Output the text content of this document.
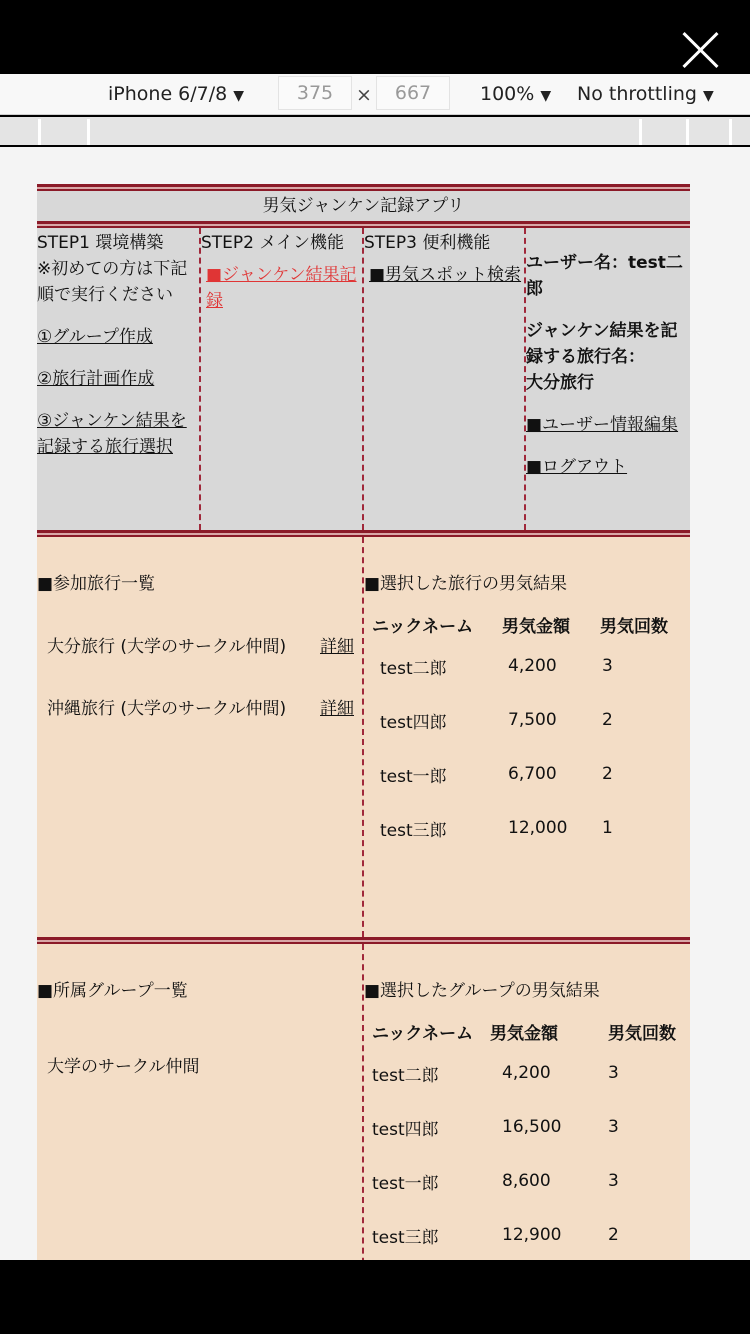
iPhone 6/7/8 ▼	375	×	667	100% ▼ No throttling ▼
男気ジャンケン記録アプリ
STEP1 環境構築
※初めての方は下記順で実行ください
①グループ作成
②旅行計画作成
③ジャンケン結果を記録する旅行選択
STEP2 メイン機能
■ジャンケン結果記録
STEP3 便利機能
■男気スポット検索
ユーザー名：test二郎
ジャンケン結果を記録する旅行名：
大分旅行
■ユーザー情報編集
■ログアウト
■参加旅行一覧
大分旅行 (大学のサークル仲間) 詳細
沖縄旅行 (大学のサークル仲間) 詳細
■選択した旅行の男気結果
ニックネーム	男気金額	男気回数
test二郎	4,200	3
test四郎	7,500	2
test一郎	6,700	2
test三郎	12,000	1
■所属グループ一覧
大学のサークル仲間
■選択したグループの男気結果
ニックネーム	男気金額	男気回数
test二郎	4,200	3
test四郎	16,500	3
test一郎	8,600	3
test三郎	12,900	2
